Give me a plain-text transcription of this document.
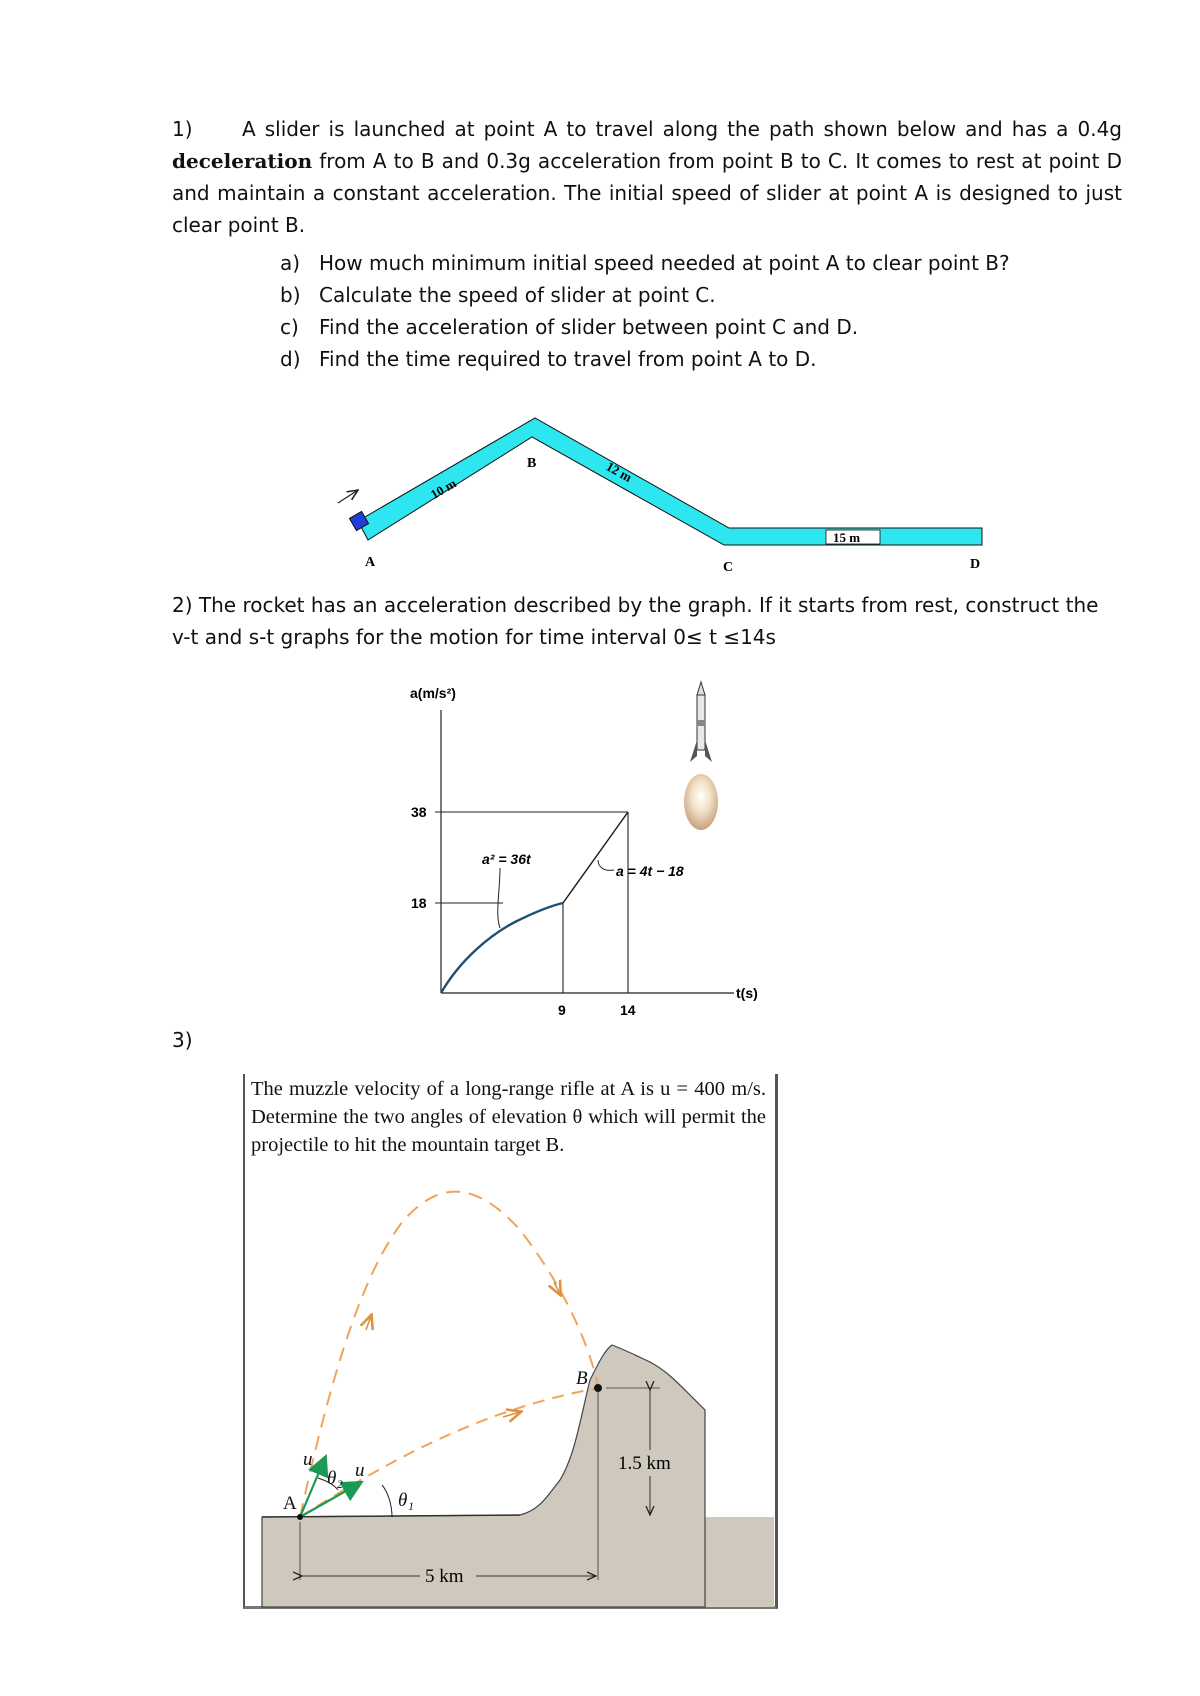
1) A slider is launched at point A to travel along the path shown below and has a 0.4g deceleration from A to B and 0.3g acceleration from point B to C. It comes to rest at point D and maintain a constant acceleration. The initial speed of slider at point A is designed to just clear point B.
a) How much minimum initial speed needed at point A to clear point B?
b) Calculate the speed of slider at point C.
c) Find the acceleration of slider between point C and D.
d) Find the time required to travel from point A to D.
2) The rocket has an acceleration described by the graph. If it starts from rest, construct the v-t and s-t graphs for the motion for time interval 0≤ t ≤14s
3)
The muzzle velocity of a long-range rifle at A is u = 400 m/s. Determine the two angles of elevation θ which will permit the projectile to hit the mountain target B.
10 m
12 m
15 m
A
B
C	D
a(m/s²)
t(s)
38
18
9	14
a² = 36t
a = 4t − 18
A
B
u
u
θ₂
θ₁
1.5 km
5 km
